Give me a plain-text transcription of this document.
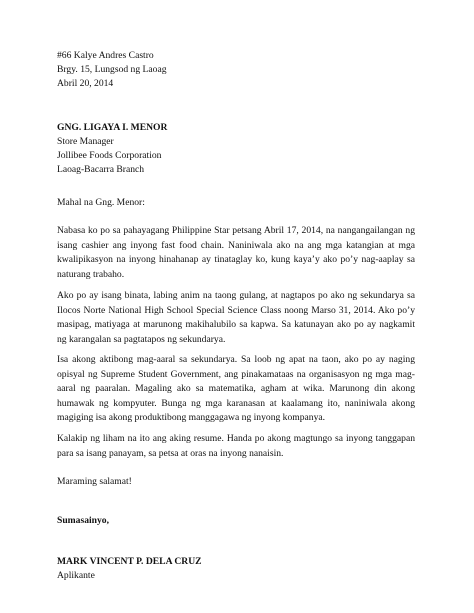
#66 Kalye Andres Castro
Brgy. 15, Lungsod ng Laoag
Abril 20, 2014
GNG. LIGAYA I. MENOR
Store Manager
Jollibee Foods Corporation
Laoag-Bacarra Branch
Mahal na Gng. Menor:

Nabasa ko po sa pahayagang Philippine Star petsang Abril 17, 2014, na nangangailangan ng isang cashier ang inyong fast food chain. Naniniwala ako na ang mga katangian at mga kwalipikasyon na inyong hinahanap ay tinataglay ko, kung kaya’y ako po’y nag-aaplay sa naturang trabaho.

Ako po ay isang binata, labing anim na taong gulang, at nagtapos po ako ng sekundarya sa Ilocos Norte National High School Special Science Class noong Marso 31, 2014. Ako po’y masipag, matiyaga at marunong makihalubilo sa kapwa. Sa katunayan ako po ay nagkamit ng karangalan sa pagtatapos ng sekundarya.

Isa akong aktibong mag-aaral sa sekundarya. Sa loob ng apat na taon, ako po ay naging opisyal ng Supreme Student Government, ang pinakamataas na organisasyon ng mga mag-aaral ng paaralan. Magaling ako sa matematika, agham at wika. Marunong din akong humawak ng kompyuter. Bunga ng mga karanasan at kaalamang ito, naniniwala akong magiging isa akong produktibong manggagawa ng inyong kompanya.

Kalakip ng liham na ito ang aking resume. Handa po akong magtungo sa inyong tanggapan para sa isang panayam, sa petsa at oras na inyong nanaisin.

Maraming salamat!
Sumasainyo,
MARK VINCENT P. DELA CRUZ
Aplikante
